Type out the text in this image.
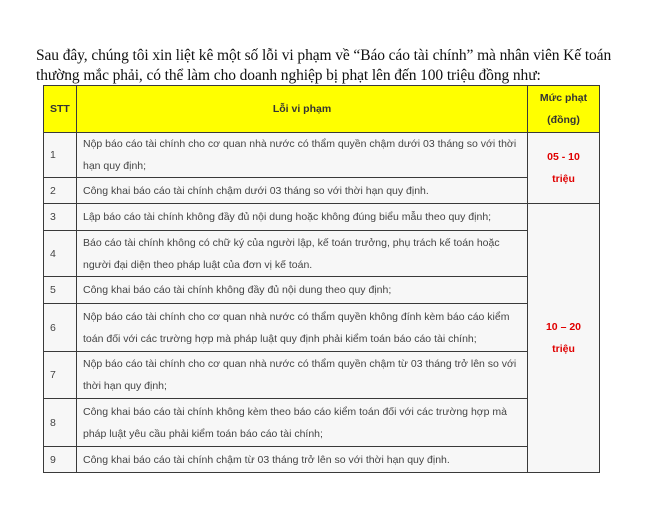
Sau đây, chúng tôi xin liệt kê một số lỗi vi phạm về “Báo cáo tài chính” mà nhân viên Kế toán thường mắc phải, có thể làm cho doanh nghiệp bị phạt lên đến 100 triệu đồng như:

STT	Lỗi vi phạm	Mức phạt
(đồng)
1	Nộp báo cáo tài chính cho cơ quan nhà nước có thẩm quyền chậm dưới 03 tháng so với thời hạn quy định;	05 - 10
triệu
2	Công khai báo cáo tài chính chậm dưới 03 tháng so với thời hạn quy định.	
3	Lập báo cáo tài chính không đầy đủ nội dung hoặc không đúng biểu mẫu theo quy định;	10 – 20
triệu
4	Báo cáo tài chính không có chữ ký của người lập, kế toán trưởng, phụ trách kế toán hoặc người đại diện theo pháp luật của đơn vị kế toán.	
5	Công khai báo cáo tài chính không đầy đủ nội dung theo quy định;	
6	Nộp báo cáo tài chính cho cơ quan nhà nước có thẩm quyền không đính kèm báo cáo kiểm toán đối với các trường hợp mà pháp luật quy định phải kiểm toán báo cáo tài chính;	
7	Nộp báo cáo tài chính cho cơ quan nhà nước có thẩm quyền chậm từ 03 tháng trở lên so với thời hạn quy định;	
8	Công khai báo cáo tài chính không kèm theo báo cáo kiểm toán đối với các trường hợp mà pháp luật yêu cầu phải kiểm toán báo cáo tài chính;	
9	Công khai báo cáo tài chính chậm từ 03 tháng trở lên so với thời hạn quy định.	
